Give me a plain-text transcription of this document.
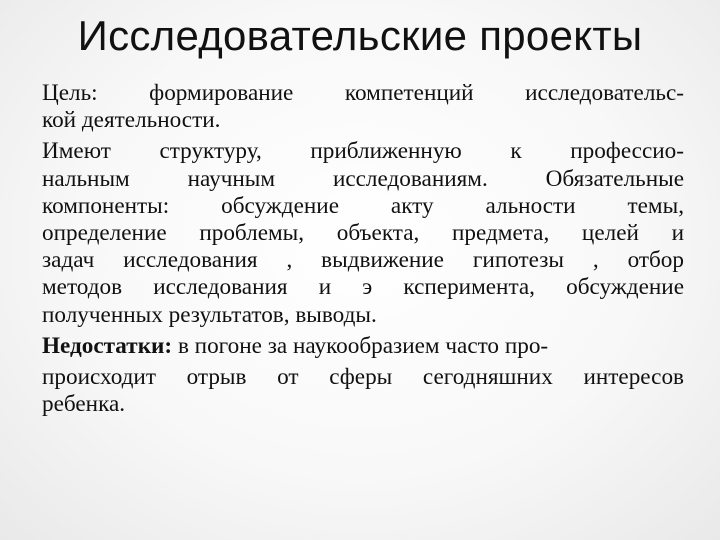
Исследовательские проекты
Цель: формирование компетенций исследовательс-
кой деятельности.
Имеют структуру, приближенную к профессио-
нальным научным исследованиям. Обязательные
компоненты: обсуждение акту альности темы,
определение проблемы, объекта, предмета, целей и
задач исследования , выдвижение гипотезы , отбор
методов исследования и э ксперимента, обсуждение
полученных результатов, выводы.
Недостатки: в погоне за наукообразием часто про-
происходит отрыв от сферы сегодняшних интересов
ребенка.
